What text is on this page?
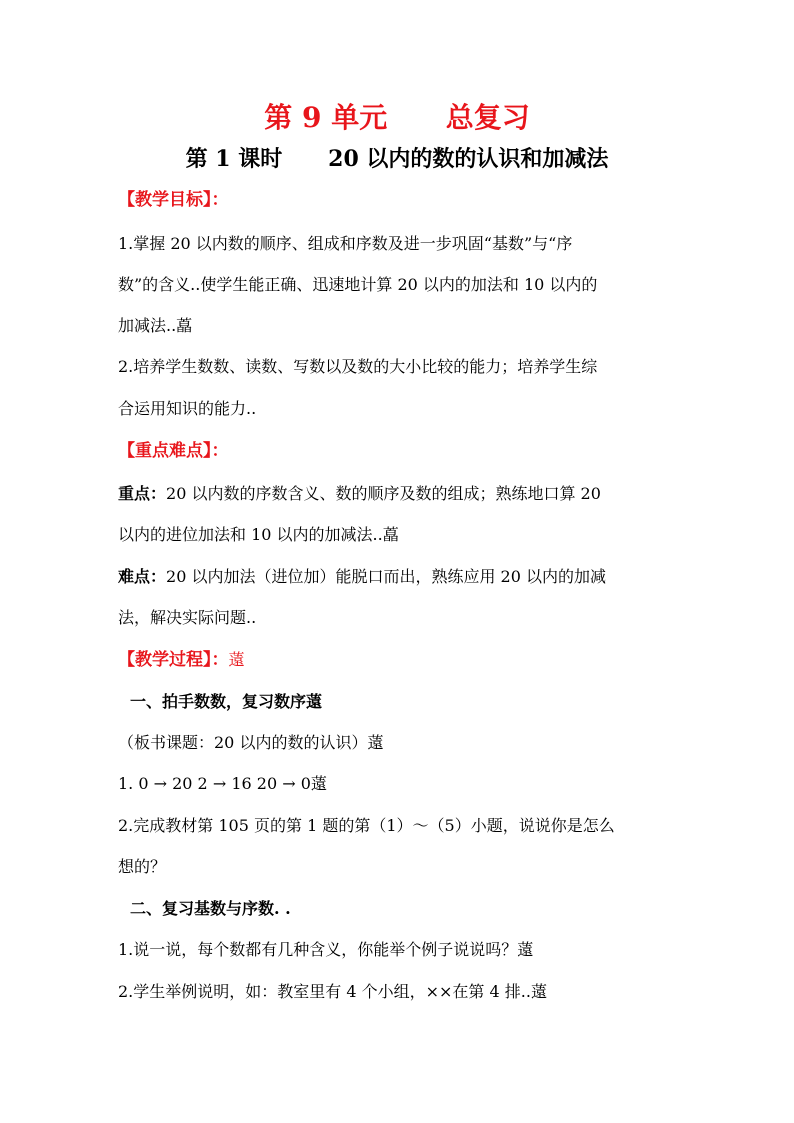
第 9 单元      总复习
第 1 课时      20 以内的数的认识和加减法
【教学目标】：
1.掌握 20 以内数的顺序、组成和序数及进一步巩固“基数”与“序
数”的含义..使学生能正确、迅速地计算 20 以内的加法和 10 以内的
加减法..藠
2.培养学生数数、读数、写数以及数的大小比较的能力；培养学生综
合运用知识的能力..
【重点难点】：
重点：20 以内数的序数含义、数的顺序及数的组成；熟练地口算 20
以内的进位加法和 10 以内的加减法..藠
难点：20 以内加法（进位加）能脱口而出，熟练应用 20 以内的加减
法，解决实际问题..
【教学过程】：薳
一、拍手数数，复习数序薳
（板书课题：20 以内的数的认识）薳
1. 0 → 20 2 → 16 20 → 0薳
2.完成教材第 105 页的第 1 题的第（1）～（5）小题，说说你是怎么
想的？
二、复习基数与序数. .
1.说一说，每个数都有几种含义，你能举个例子说说吗？薳
2.学生举例说明，如：教室里有 4 个小组，××在第 4 排..薳
